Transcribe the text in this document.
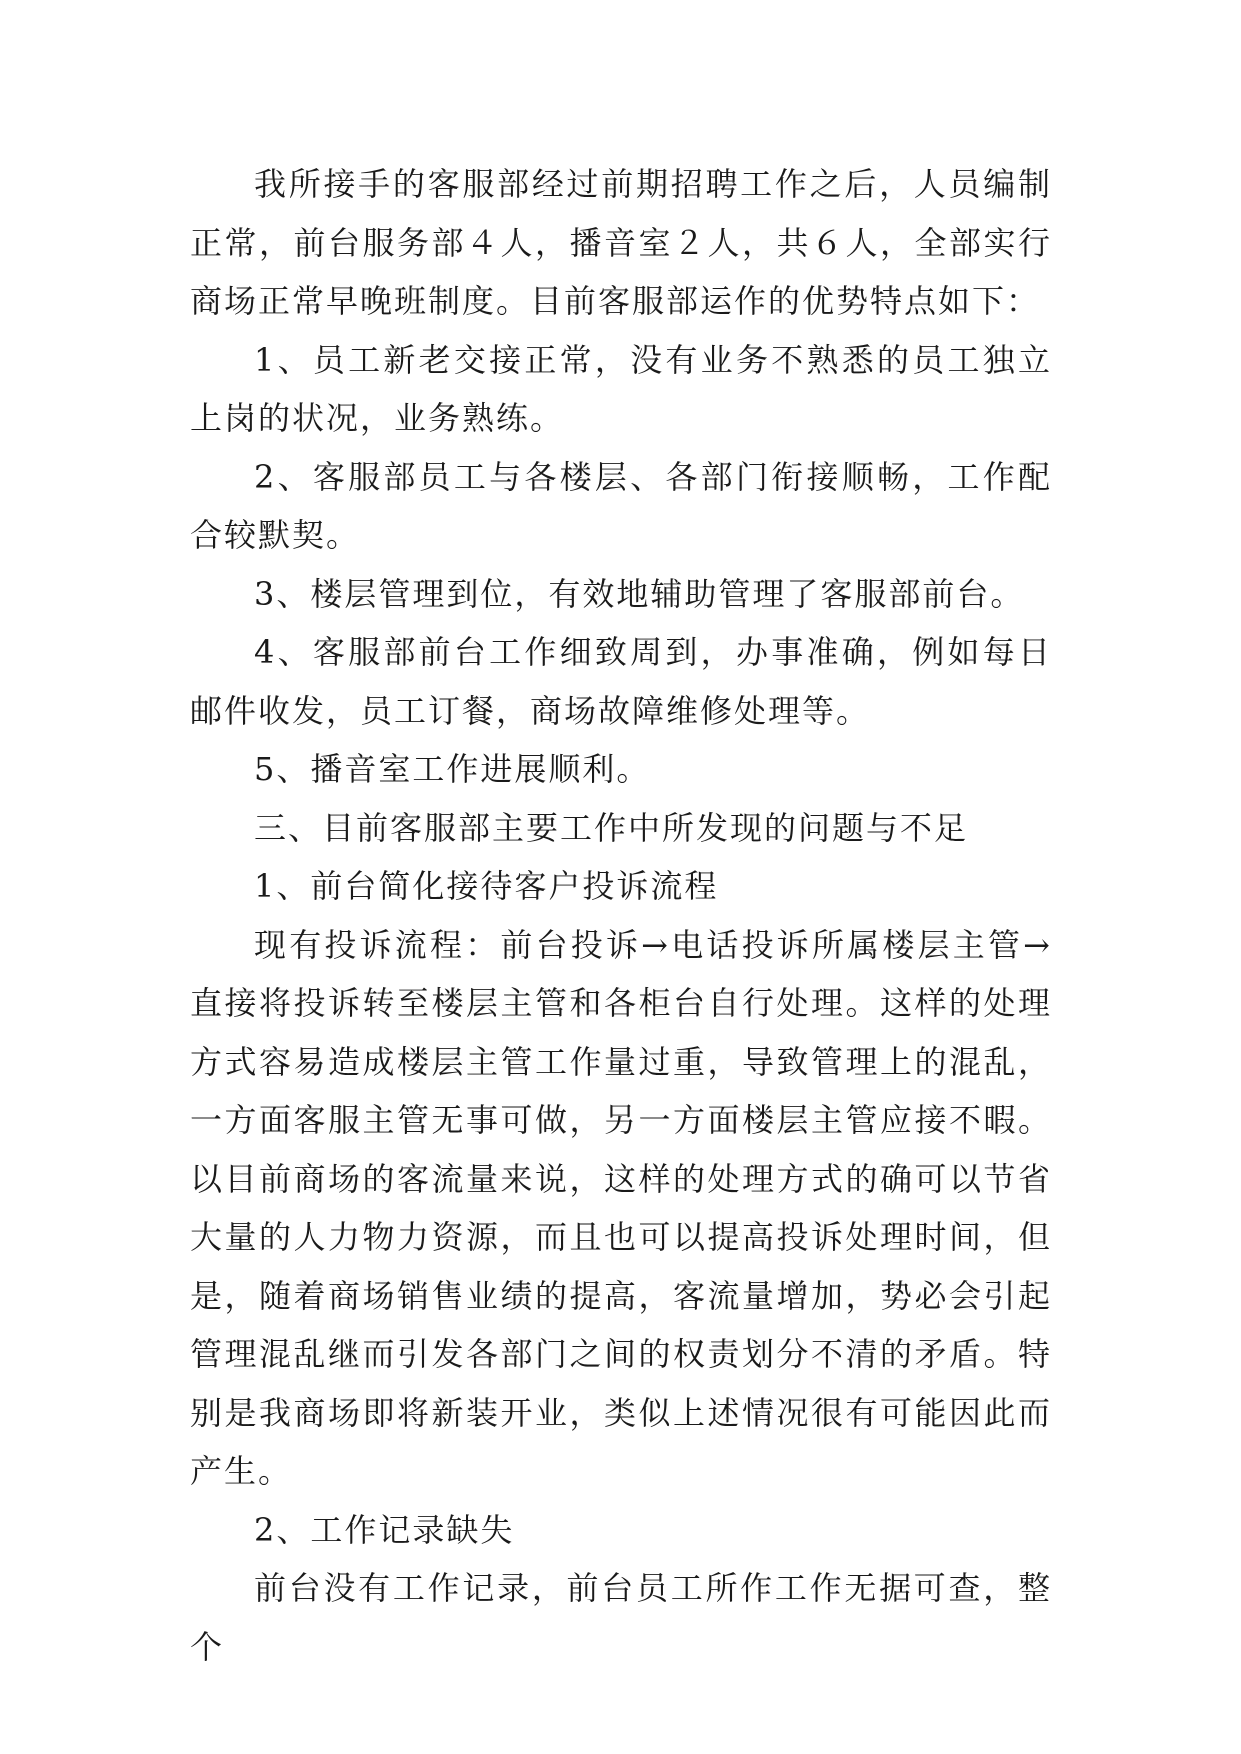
我所接手的客服部经过前期招聘工作之后，人员编制正常，前台服务部４人，播音室２人，共６人，全部实行商场正常早晚班制度。目前客服部运作的优势特点如下：

1、员工新老交接正常，没有业务不熟悉的员工独立上岗的状况，业务熟练。

2、客服部员工与各楼层、各部门衔接顺畅，工作配合较默契。

3、楼层管理到位，有效地辅助管理了客服部前台。

4、客服部前台工作细致周到，办事准确，例如每日邮件收发，员工订餐，商场故障维修处理等。

5、播音室工作进展顺利。

三、目前客服部主要工作中所发现的问题与不足

1、前台简化接待客户投诉流程

现有投诉流程：前台投诉→电话投诉所属楼层主管→直接将投诉转至楼层主管和各柜台自行处理。这样的处理方式容易造成楼层主管工作量过重，导致管理上的混乱，一方面客服主管无事可做，另一方面楼层主管应接不暇。以目前商场的客流量来说，这样的处理方式的确可以节省大量的人力物力资源，而且也可以提高投诉处理时间，但是，随着商场销售业绩的提高，客流量增加，势必会引起管理混乱继而引发各部门之间的权责划分不清的矛盾。特别是我商场即将新装开业，类似上述情况很有可能因此而产生。

2、工作记录缺失

前台没有工作记录，前台员工所作工作无据可查，整个
